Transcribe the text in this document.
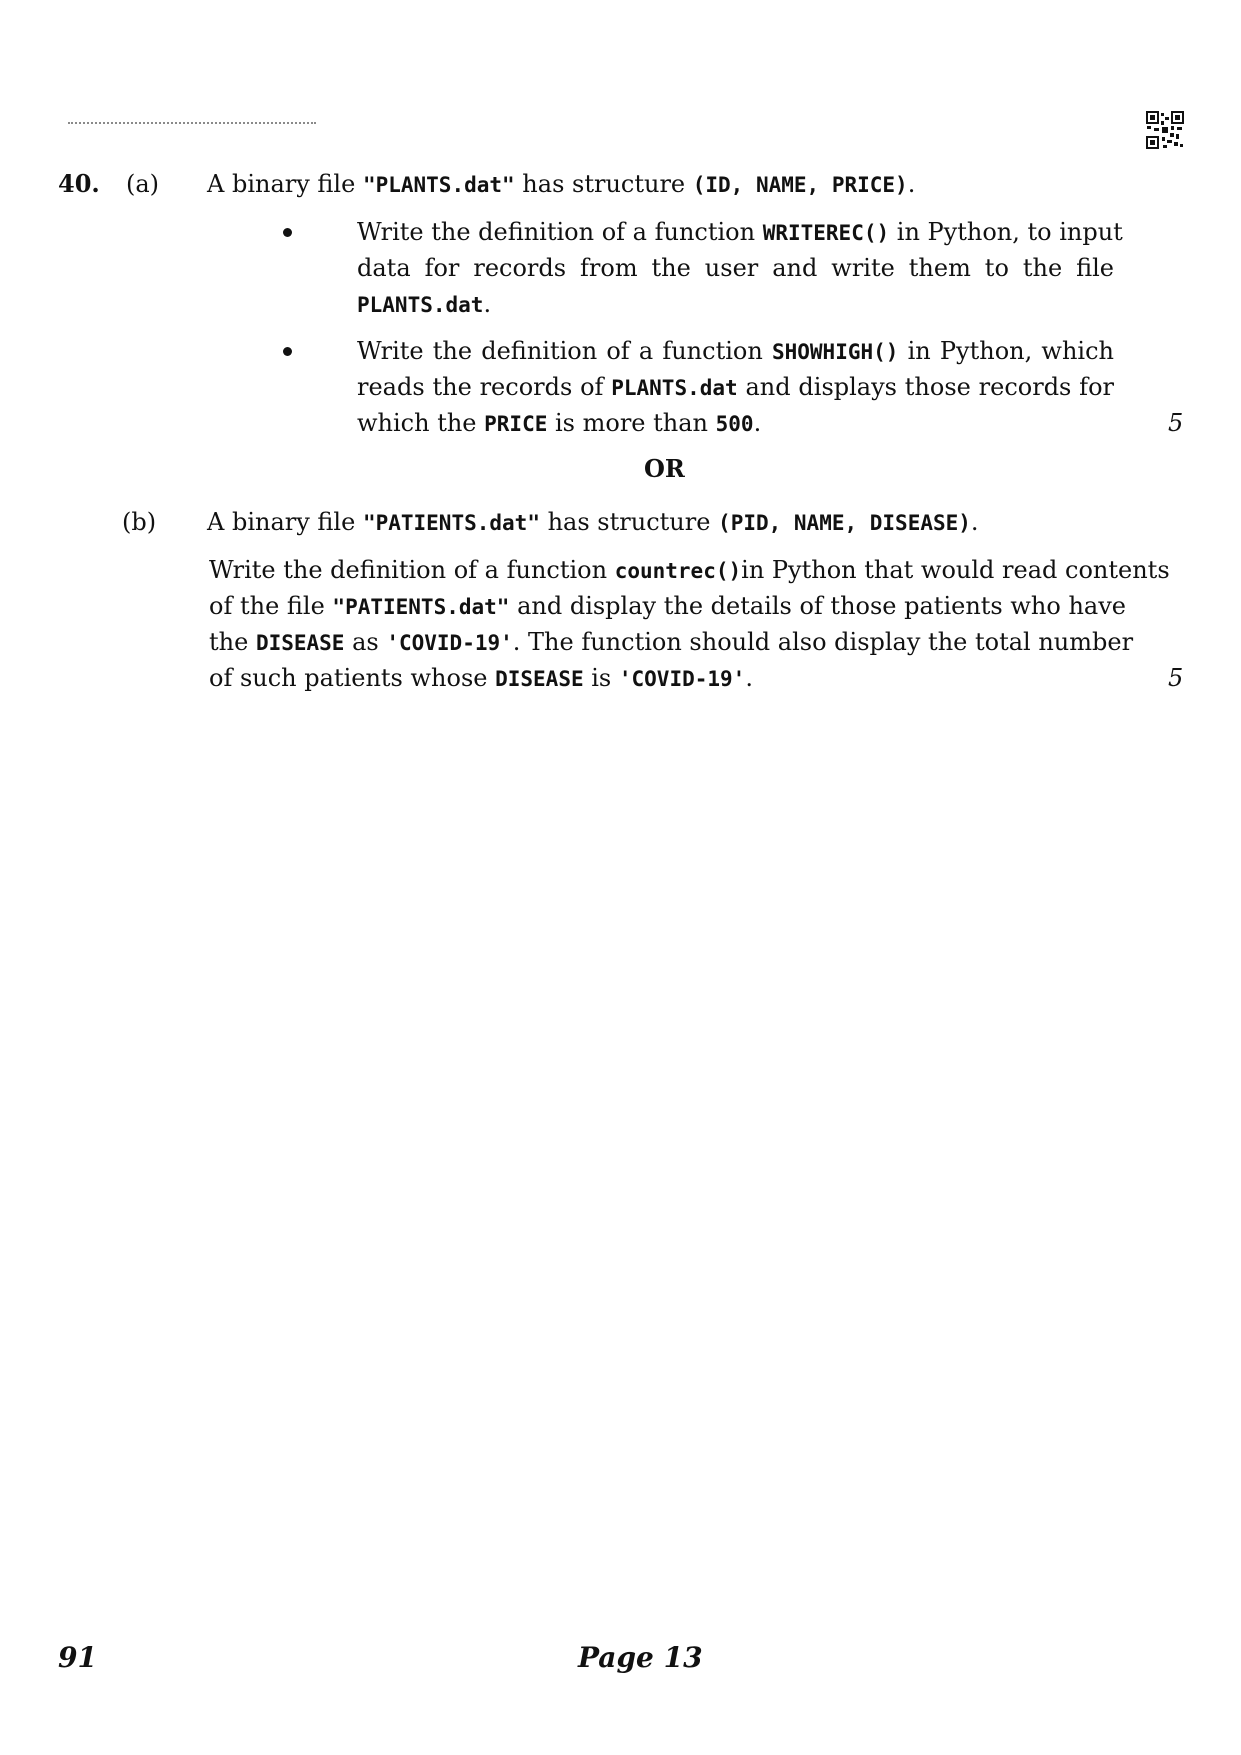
40. (a) A binary file "PLANTS.dat" has structure (ID, NAME, PRICE).
Write the definition of a function WRITEREC() in Python, to input
data for records from the user and write them to the file
PLANTS.dat.
Write the definition of a function SHOWHIGH() in Python, which
reads the records of PLANTS.dat and displays those records for
which the PRICE is more than 500.	5
OR
(b) A binary file "PATIENTS.dat" has structure (PID, NAME, DISEASE).
Write the definition of a function countrec()in Python that would read contents
of the file "PATIENTS.dat" and display the details of those patients who have
the DISEASE as 'COVID-19'. The function should also display the total number
of such patients whose DISEASE is 'COVID-19'.	5
91	Page 13
